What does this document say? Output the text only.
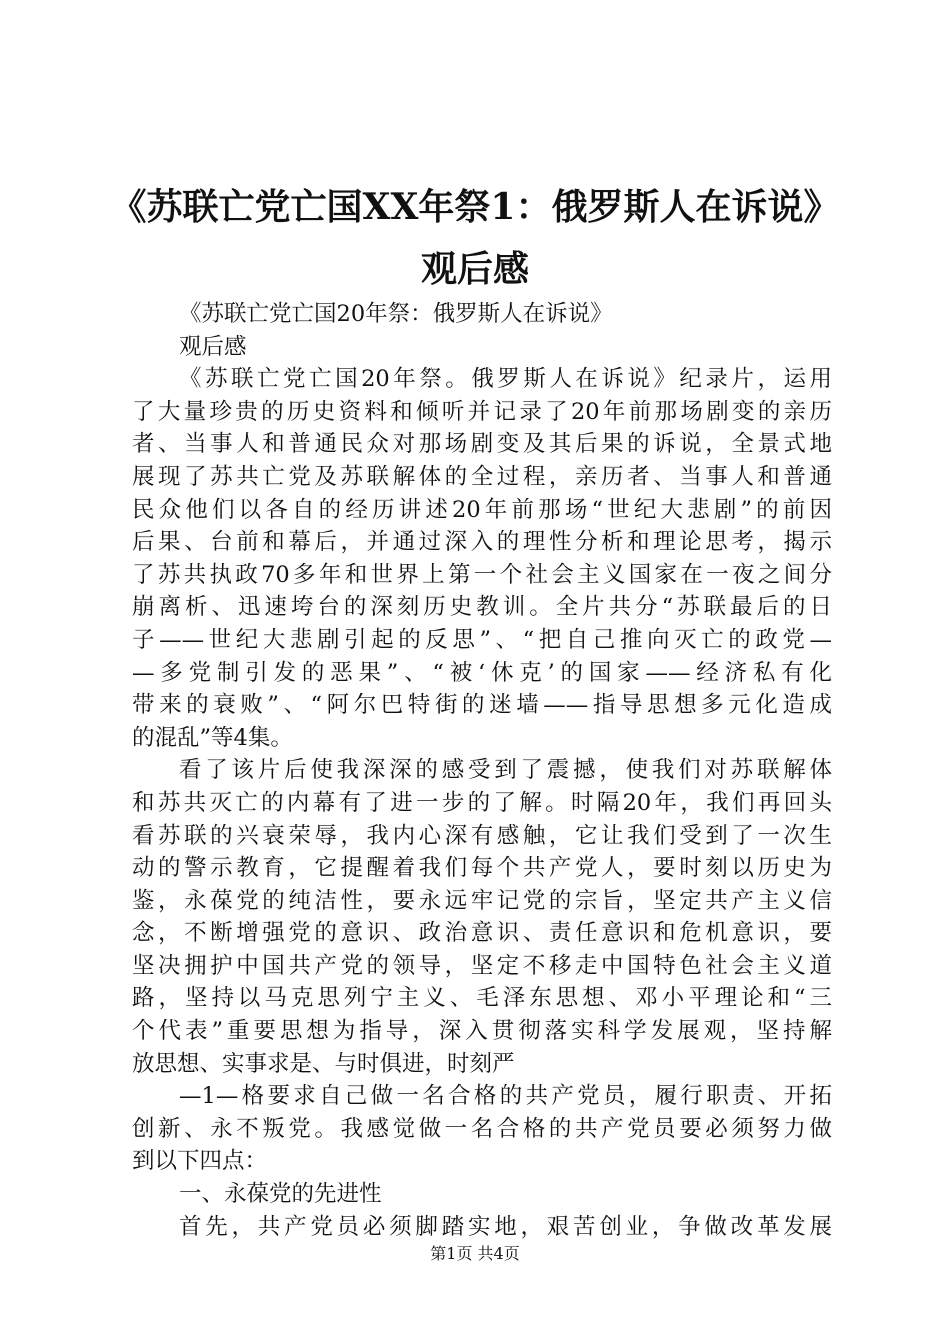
《苏联亡党亡国XX年祭1：俄罗斯人在诉说》
观后感
《苏联亡党亡国20年祭：俄罗斯人在诉说》
观后感
《苏联亡党亡国20年祭。俄罗斯人在诉说》纪录片，运用
了大量珍贵的历史资料和倾听并记录了20年前那场剧变的亲历
者、当事人和普通民众对那场剧变及其后果的诉说，全景式地
展现了苏共亡党及苏联解体的全过程，亲历者、当事人和普通
民众他们以各自的经历讲述20年前那场“世纪大悲剧”的前因
后果、台前和幕后，并通过深入的理性分析和理论思考，揭示
了苏共执政70多年和世界上第一个社会主义国家在一夜之间分
崩离析、迅速垮台的深刻历史教训。全片共分“苏联最后的日
子——世纪大悲剧引起的反思”、“把自己推向灭亡的政党—
—多党制引发的恶果”、“被‘休克’的国家——经济私有化
带来的衰败”、“阿尔巴特街的迷墙——指导思想多元化造成
的混乱”等4集。
看了该片后使我深深的感受到了震撼，使我们对苏联解体
和苏共灭亡的内幕有了进一步的了解。时隔20年，我们再回头
看苏联的兴衰荣辱，我内心深有感触，它让我们受到了一次生
动的警示教育，它提醒着我们每个共产党人，要时刻以历史为
鉴，永葆党的纯洁性，要永远牢记党的宗旨，坚定共产主义信
念，不断增强党的意识、政治意识、责任意识和危机意识，要
坚决拥护中国共产党的领导，坚定不移走中国特色社会主义道
路，坚持以马克思列宁主义、毛泽东思想、邓小平理论和“三
个代表”重要思想为指导，深入贯彻落实科学发展观，坚持解
放思想、实事求是、与时俱进，时刻严
—1—格要求自己做一名合格的共产党员，履行职责、开拓
创新、永不叛党。我感觉做一名合格的共产党员要必须努力做
到以下四点：
一、永葆党的先进性
首先，共产党员必须脚踏实地，艰苦创业，争做改革发展
第1页 共4页
